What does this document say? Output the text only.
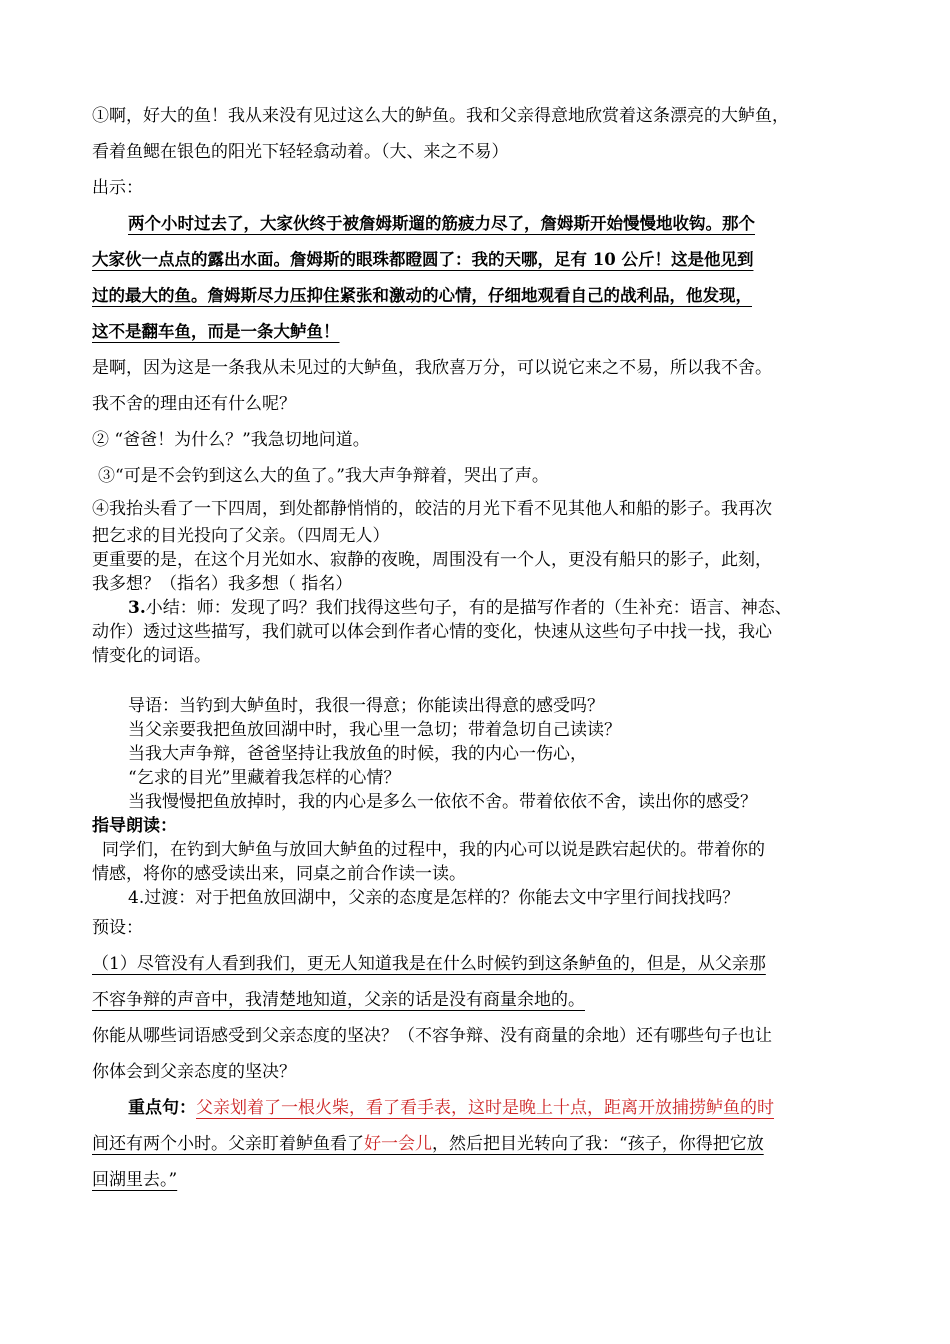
①啊，好大的鱼！我从来没有见过这么大的鲈鱼。我和父亲得意地欣赏着这条漂亮的大鲈鱼，

看着鱼鳃在银色的阳光下轻轻翕动着。（大、来之不易）

出示：

两个小时过去了，大家伙终于被詹姆斯遛的筋疲力尽了，詹姆斯开始慢慢地收钩。那个

大家伙一点点的露出水面。詹姆斯的眼珠都瞪圆了：我的天哪，足有 10 公斤！这是他见到

过的最大的鱼。詹姆斯尽力压抑住紧张和激动的心情，仔细地观看自己的战利品，他发现，

这不是翻车鱼，而是一条大鲈鱼！

是啊，因为这是一条我从未见过的大鲈鱼，我欣喜万分，可以说它来之不易，所以我不舍。

我不舍的理由还有什么呢？

② “爸爸！为什么？”我急切地问道。

③“可是不会钓到这么大的鱼了。”我大声争辩着，哭出了声。

④我抬头看了一下四周，到处都静悄悄的，皎洁的月光下看不见其他人和船的影子。我再次

把乞求的目光投向了父亲。（四周无人）

更重要的是，在这个月光如水、寂静的夜晚，周围没有一个人，更没有船只的影子，此刻，

我多想？（指名）我多想（ 指名）

3.小结：师：发现了吗？我们找得这些句子，有的是描写作者的（生补充：语言、神态、

动作）透过这些描写，我们就可以体会到作者心情的变化，快速从这些句子中找一找，我心

情变化的词语。

导语：当钓到大鲈鱼时，我很一得意；你能读出得意的感受吗？

当父亲要我把鱼放回湖中时，我心里一急切；带着急切自己读读？

当我大声争辩，爸爸坚持让我放鱼的时候，我的内心一伤心，

“乞求的目光”里藏着我怎样的心情？

当我慢慢把鱼放掉时，我的内心是多么一依依不舍。带着依依不舍，读出你的感受？

指导朗读：

同学们，在钓到大鲈鱼与放回大鲈鱼的过程中，我的内心可以说是跌宕起伏的。带着你的

情感，将你的感受读出来，同桌之前合作读一读。

4.过渡：对于把鱼放回湖中，父亲的态度是怎样的？你能去文中字里行间找找吗？

预设：

（1）尽管没有人看到我们，更无人知道我是在什么时候钓到这条鲈鱼的，但是，从父亲那

不容争辩的声音中，我清楚地知道，父亲的话是没有商量余地的。

你能从哪些词语感受到父亲态度的坚决？（不容争辩、没有商量的余地）还有哪些句子也让

你体会到父亲态度的坚决？

重点句：父亲划着了一根火柴，看了看手表，这时是晚上十点，距离开放捕捞鲈鱼的时

间还有两个小时。父亲盯着鲈鱼看了好一会儿，然后把目光转向了我：“孩子，你得把它放

回湖里去。”
